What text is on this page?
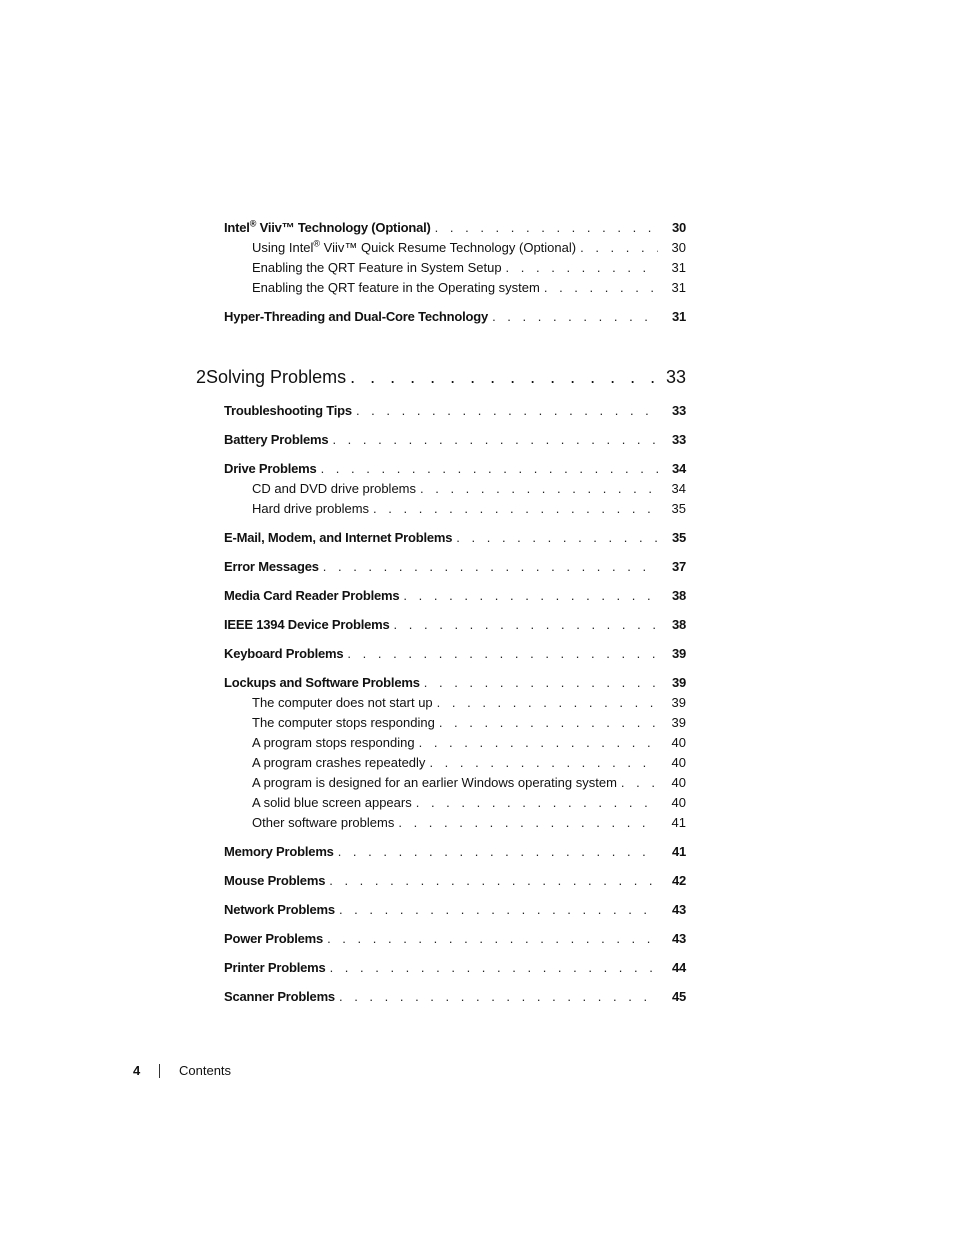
Intel® Viiv™ Technology (Optional) . . .	30
Using Intel® Viiv™ Quick Resume Technology (Optional) . . .	30
Enabling the QRT Feature in System Setup . . .	31
Enabling the QRT feature in the Operating system . . .	31
Hyper-Threading and Dual-Core Technology . . .	31
2 Solving Problems . . .	33
Troubleshooting Tips . . .	33
Battery Problems . . .	33
Drive Problems . . .	34
CD and DVD drive problems . . .	34
Hard drive problems . . .	35
E-Mail, Modem, and Internet Problems . . .	35
Error Messages . . .	37
Media Card Reader Problems . . .	38
IEEE 1394 Device Problems . . .	38
Keyboard Problems . . .	39
Lockups and Software Problems . . .	39
The computer does not start up . . .	39
The computer stops responding . . .	39
A program stops responding . . .	40
A program crashes repeatedly . . .	40
A program is designed for an earlier Windows operating system . . .	40
A solid blue screen appears . . .	40
Other software problems . . .	41
Memory Problems . . .	41
Mouse Problems . . .	42
Network Problems . . .	43
Power Problems . . .	43
Printer Problems . . .	44
Scanner Problems . . .	45
4	Contents
